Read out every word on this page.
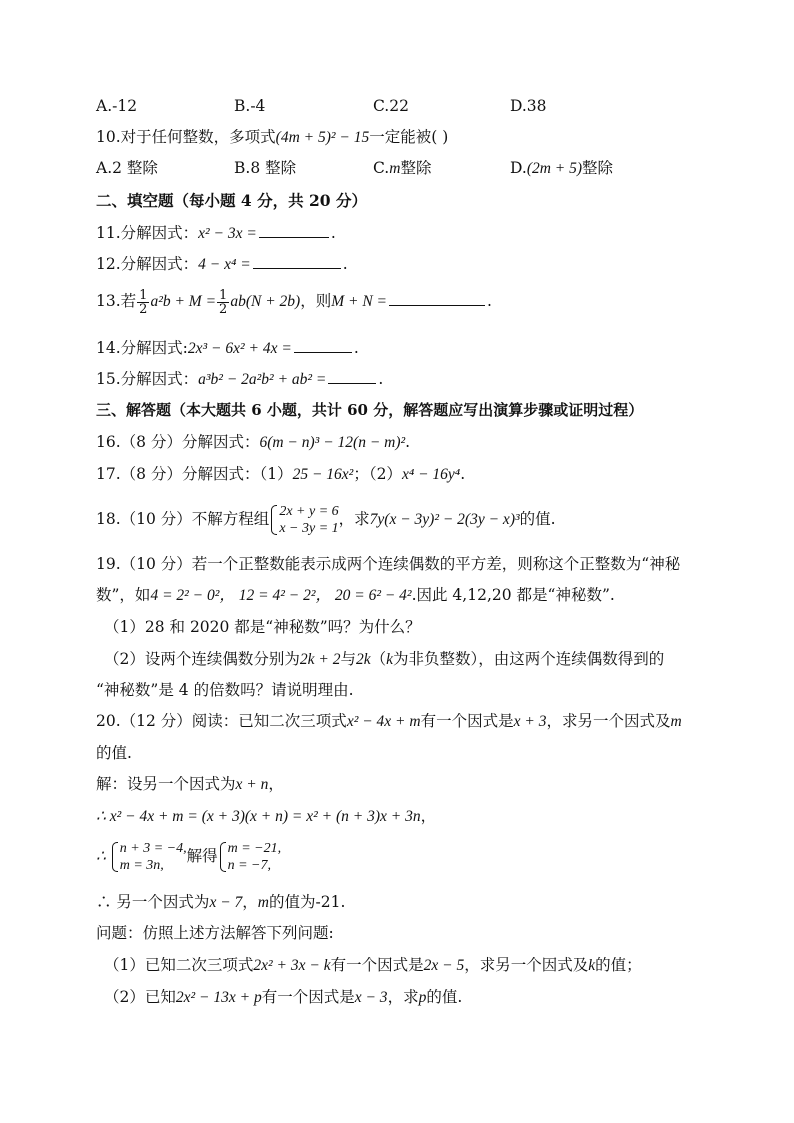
A.-12	B.-4	C.22	D.38
10.对于任何整数，多项式(4m + 5)² − 15一定能被( )
A.2 整除	B.8 整除	C.m整除	D.(2m + 5)整除
二、填空题（每小题 4 分，共 20 分）
11.分解因式：x² − 3x =	.
12.分解因式：4 − x⁴ =	.
13.若 $\frac{1}{2} a^2b + M = \frac{1}{2} ab(N + 2b)$，则M + N =	.
14.分解因式:2x³ − 6x² + 4x =	.
15.分解因式：a³b² − 2a²b² + ab² =	.
三、解答题（本大题共 6 小题，共计 60 分，解答题应写出演算步骤或证明过程）
16.（8 分）分解因式：6(m − n)³ − 12(n − m)².
17.（8 分）分解因式：（1）25 − 16x²；（2）x⁴ − 16y⁴.
18.（10 分）不解方程组 2x + y = 6
x − 3y = 1
，求7y(x − 3y)² − 2(3y − x)³的值.
19.（10 分）若一个正整数能表示成两个连续偶数的平方差，则称这个正整数为“神秘
数”，如4 = 2² − 0²， 12 = 4² − 2²， 20 = 6² − 4².因此 4,12,20 都是“神秘数”.
（1）28 和 2020 都是“神秘数”吗？为什么？
（2）设两个连续偶数分别为2k + 2与2k（k为非负整数），由这两个连续偶数得到的
“神秘数”是 4 的倍数吗？请说明理由.
20.（12 分）阅读：已知二次三项式x² − 4x + m有一个因式是x + 3，求另一个因式及m
的值.
解：设另一个因式为x + n，
∴ x² − 4x + m = (x + 3)(x + n) = x² + (n + 3)x + 3n，
∴ n + 3 = −4,
m = 3n,
解得 m = −21,
n = −7,
∴ 另一个因式为x − 7，m的值为-21.
问题：仿照上述方法解答下列问题:
（1）已知二次三项式2x² + 3x − k有一个因式是2x − 5，求另一个因式及k的值；
（2）已知2x² − 13x + p有一个因式是x − 3，求p的值.
